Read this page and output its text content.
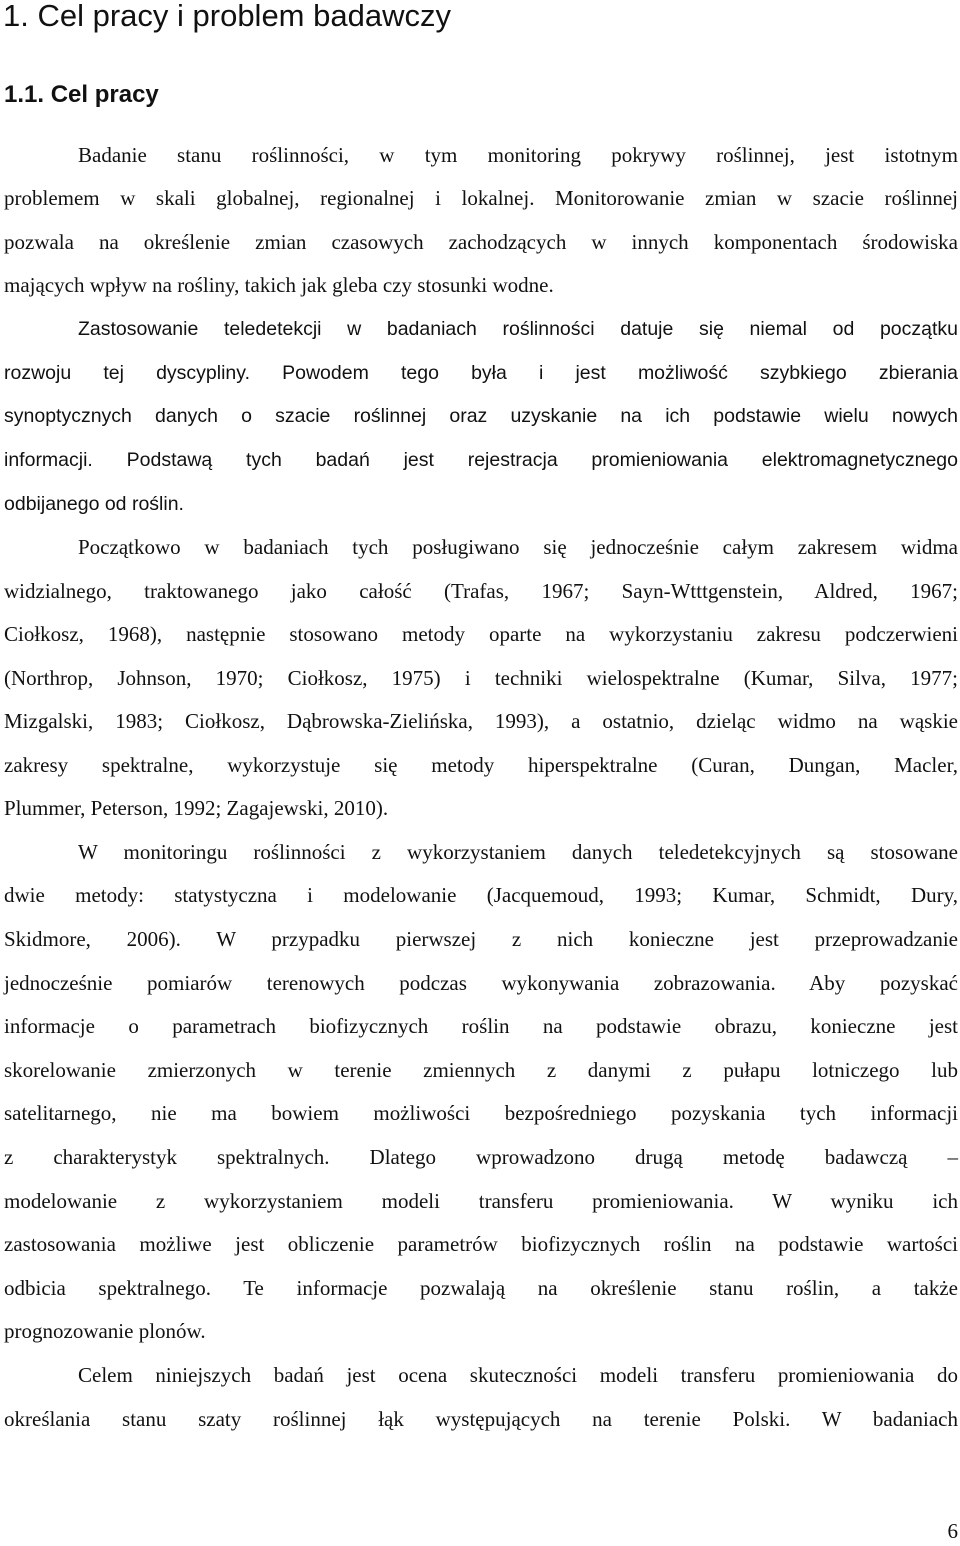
1. Cel pracy i problem badawczy
1.1. Cel pracy

Badanie stanu roślinności, w tym monitoring pokrywy roślinnej, jest istotnym

problemem w skali globalnej, regionalnej i lokalnej. Monitorowanie zmian w szacie roślinnej

pozwala na określenie zmian czasowych zachodzących w innych komponentach środowiska

mających wpływ na rośliny, takich jak gleba czy stosunki wodne.

Zastosowanie teledetekcji w badaniach roślinności datuje się niemal od początku

rozwoju tej dyscypliny. Powodem tego była i jest możliwość szybkiego zbierania

synoptycznych danych o szacie roślinnej oraz uzyskanie na ich podstawie wielu nowych

informacji. Podstawą tych badań jest rejestracja promieniowania elektromagnetycznego

odbijanego od roślin.

Początkowo w badaniach tych posługiwano się jednocześnie całym zakresem widma

widzialnego, traktowanego jako całość (Trafas, 1967; Sayn-Wtttgenstein, Aldred, 1967;

Ciołkosz, 1968), następnie stosowano metody oparte na wykorzystaniu zakresu podczerwieni

(Northrop, Johnson, 1970; Ciołkosz, 1975) i techniki wielospektralne (Kumar, Silva, 1977;

Mizgalski, 1983; Ciołkosz, Dąbrowska-Zielińska, 1993), a ostatnio, dzieląc widmo na wąskie

zakresy spektralne, wykorzystuje się metody hiperspektralne (Curan, Dungan, Macler,

Plummer, Peterson, 1992; Zagajewski, 2010).

W monitoringu roślinności z wykorzystaniem danych teledetekcyjnych są stosowane

dwie metody: statystyczna i modelowanie (Jacquemoud, 1993; Kumar, Schmidt, Dury,

Skidmore, 2006). W przypadku pierwszej z nich konieczne jest przeprowadzanie

jednocześnie pomiarów terenowych podczas wykonywania zobrazowania. Aby pozyskać

informacje o parametrach biofizycznych roślin na podstawie obrazu, konieczne jest

skorelowanie zmierzonych w terenie zmiennych z danymi z pułapu lotniczego lub

satelitarnego, nie ma bowiem możliwości bezpośredniego pozyskania tych informacji

z charakterystyk spektralnych. Dlatego wprowadzono drugą metodę badawczą –

modelowanie z wykorzystaniem modeli transferu promieniowania. W wyniku ich

zastosowania możliwe jest obliczenie parametrów biofizycznych roślin na podstawie wartości

odbicia spektralnego. Te informacje pozwalają na określenie stanu roślin, a także

prognozowanie plonów.

Celem niniejszych badań jest ocena skuteczności modeli transferu promieniowania do

określania stanu szaty roślinnej łąk występujących na terenie Polski. W badaniach

6
